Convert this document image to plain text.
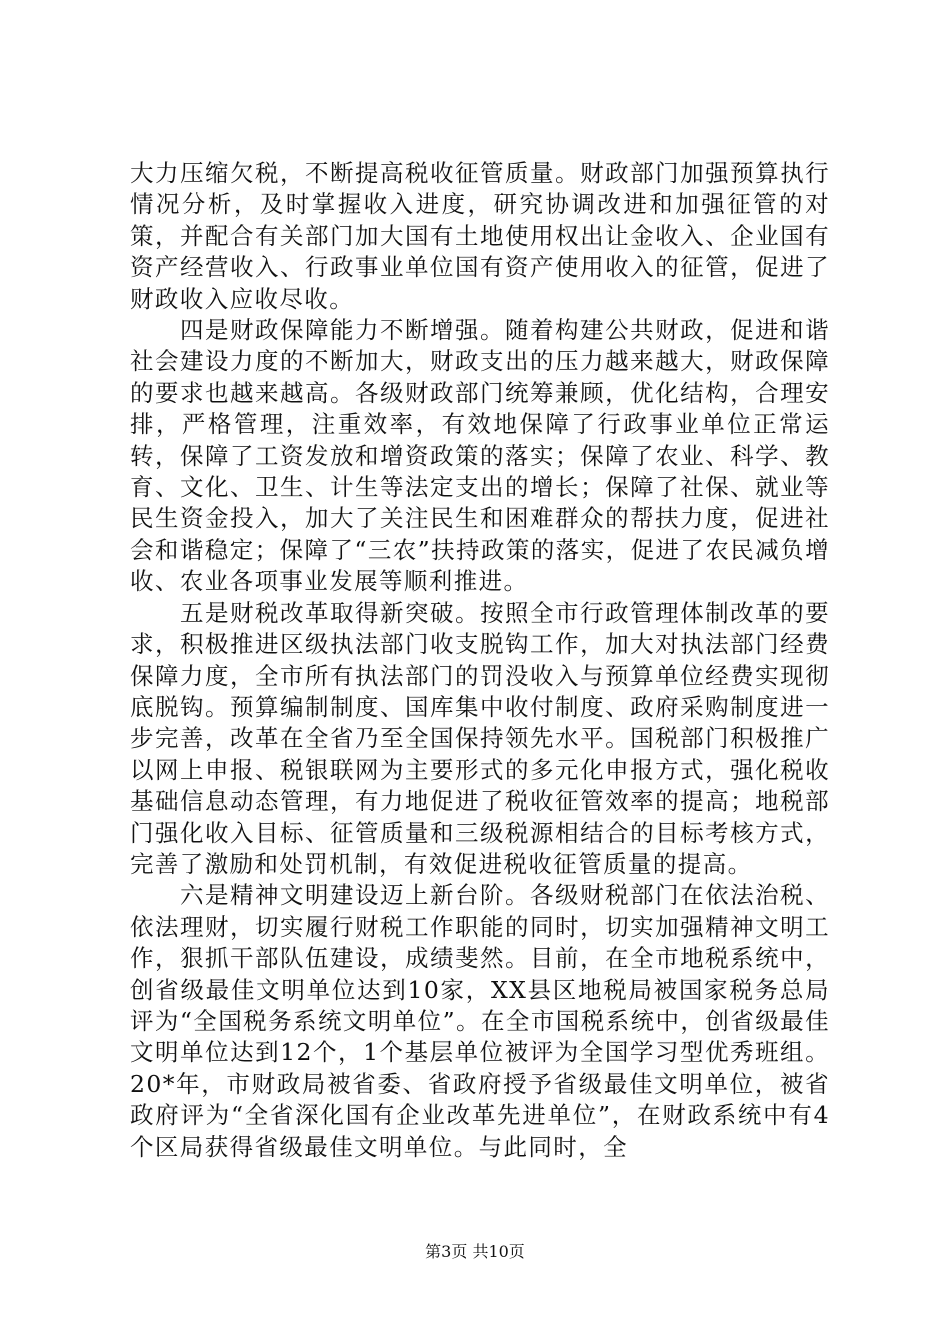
大力压缩欠税，不断提高税收征管质量。财政部门加强预算执行情况分析，及时掌握收入进度，研究协调改进和加强征管的对策，并配合有关部门加大国有土地使用权出让金收入、企业国有资产经营收入、行政事业单位国有资产使用收入的征管，促进了财政收入应收尽收。

四是财政保障能力不断增强。随着构建公共财政，促进和谐社会建设力度的不断加大，财政支出的压力越来越大，财政保障的要求也越来越高。各级财政部门统筹兼顾，优化结构，合理安排，严格管理，注重效率，有效地保障了行政事业单位正常运转，保障了工资发放和增资政策的落实；保障了农业、科学、教育、文化、卫生、计生等法定支出的增长；保障了社保、就业等民生资金投入，加大了关注民生和困难群众的帮扶力度，促进社会和谐稳定；保障了“三农”扶持政策的落实，促进了农民减负增收、农业各项事业发展等顺利推进。

五是财税改革取得新突破。按照全市行政管理体制改革的要求，积极推进区级执法部门收支脱钩工作，加大对执法部门经费保障力度，全市所有执法部门的罚没收入与预算单位经费实现彻底脱钩。预算编制制度、国库集中收付制度、政府采购制度进一步完善，改革在全省乃至全国保持领先水平。国税部门积极推广以网上申报、税银联网为主要形式的多元化申报方式，强化税收基础信息动态管理，有力地促进了税收征管效率的提高；地税部门强化收入目标、征管质量和三级税源相结合的目标考核方式，完善了激励和处罚机制，有效促进税收征管质量的提高。

六是精神文明建设迈上新台阶。各级财税部门在依法治税、依法理财，切实履行财税工作职能的同时，切实加强精神文明工作，狠抓干部队伍建设，成绩斐然。目前，在全市地税系统中，创省级最佳文明单位达到10家，XX县区地税局被国家税务总局评为“全国税务系统文明单位”。在全市国税系统中，创省级最佳文明单位达到12个，1个基层单位被评为全国学习型优秀班组。20*年，市财政局被省委、省政府授予省级最佳文明单位，被省政府评为“全省深化国有企业改革先进单位”，在财政系统中有4个区局获得省级最佳文明单位。与此同时，全

第3页 共10页
